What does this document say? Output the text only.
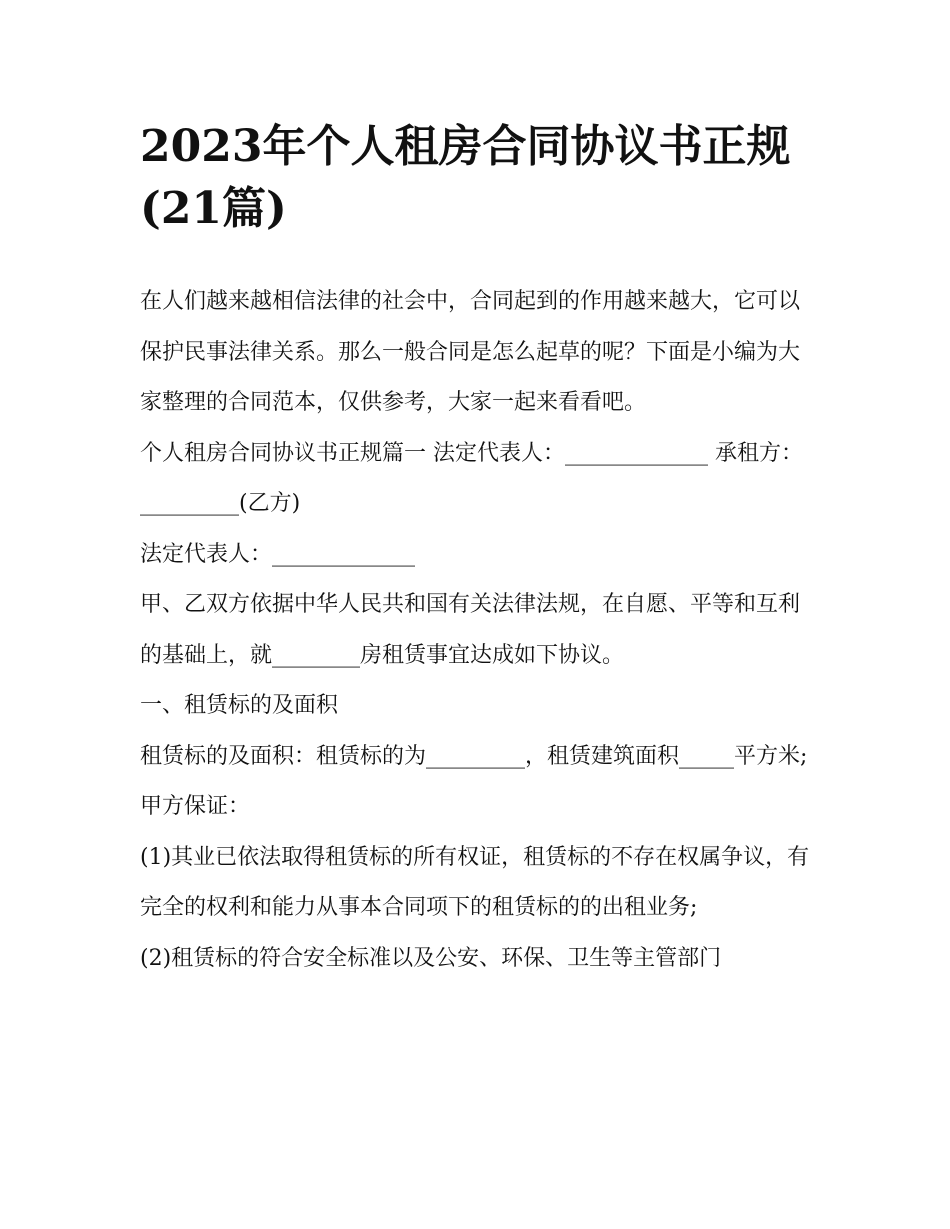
2023年个人租房合同协议书正规(21篇)

在人们越来越相信法律的社会中，合同起到的作用越来越大，它可以保护民事法律关系。那么一般合同是怎么起草的呢？下面是小编为大家整理的合同范本，仅供参考，大家一起来看看吧。

个人租房合同协议书正规篇一 法定代表人：_____________ 承租方：_________(乙方)

法定代表人：_____________

甲、乙双方依据中华人民共和国有关法律法规，在自愿、平等和互利的基础上，就________房租赁事宜达成如下协议。

一、租赁标的及面积

租赁标的及面积：租赁标的为_________，租赁建筑面积_____平方米; 甲方保证：

(1)其业已依法取得租赁标的所有权证，租赁标的不存在权属争议，有完全的权利和能力从事本合同项下的租赁标的的出租业务;

(2)租赁标的符合安全标准以及公安、环保、卫生等主管部门
